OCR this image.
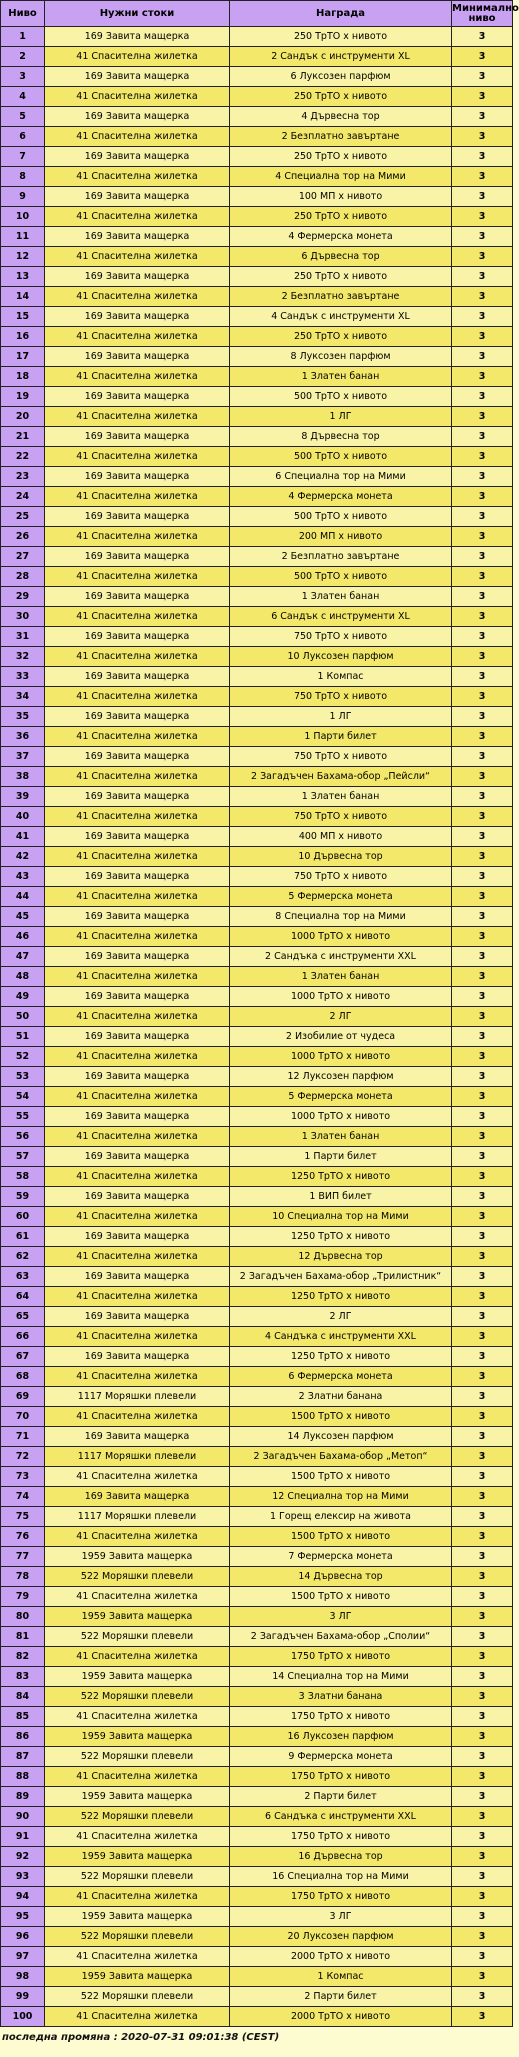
Ниво	Нужни стоки	Награда	Минимално ниво
1	169 Завита мащерка	250 ТрТО х нивото	3
2	41 Спасителна жилетка	2 Сандък с инструменти XL	3
3	169 Завита мащерка	6 Луксозен парфюм	3
4	41 Спасителна жилетка	250 ТрТО х нивото	3
5	169 Завита мащерка	4 Дървесна тор	3
6	41 Спасителна жилетка	2 Безплатно завъртане	3
7	169 Завита мащерка	250 ТрТО х нивото	3
8	41 Спасителна жилетка	4 Специална тор на Мими	3
9	169 Завита мащерка	100 МП х нивото	3
10	41 Спасителна жилетка	250 ТрТО х нивото	3
11	169 Завита мащерка	4 Фермерска монета	3
12	41 Спасителна жилетка	6 Дървесна тор	3
13	169 Завита мащерка	250 ТрТО х нивото	3
14	41 Спасителна жилетка	2 Безплатно завъртане	3
15	169 Завита мащерка	4 Сандък с инструменти XL	3
16	41 Спасителна жилетка	250 ТрТО х нивото	3
17	169 Завита мащерка	8 Луксозен парфюм	3
18	41 Спасителна жилетка	1 Златен банан	3
19	169 Завита мащерка	500 ТрТО х нивото	3
20	41 Спасителна жилетка	1 ЛГ	3
21	169 Завита мащерка	8 Дървесна тор	3
22	41 Спасителна жилетка	500 ТрТО х нивото	3
23	169 Завита мащерка	6 Специална тор на Мими	3
24	41 Спасителна жилетка	4 Фермерска монета	3
25	169 Завита мащерка	500 ТрТО х нивото	3
26	41 Спасителна жилетка	200 МП х нивото	3
27	169 Завита мащерка	2 Безплатно завъртане	3
28	41 Спасителна жилетка	500 ТрТО х нивото	3
29	169 Завита мащерка	1 Златен банан	3
30	41 Спасителна жилетка	6 Сандък с инструменти XL	3
31	169 Завита мащерка	750 ТрТО х нивото	3
32	41 Спасителна жилетка	10 Луксозен парфюм	3
33	169 Завита мащерка	1 Компас	3
34	41 Спасителна жилетка	750 ТрТО х нивото	3
35	169 Завита мащерка	1 ЛГ	3
36	41 Спасителна жилетка	1 Парти билет	3
37	169 Завита мащерка	750 ТрТО х нивото	3
38	41 Спасителна жилетка	2 Загадъчен Бахама-обор „Пейсли“	3
39	169 Завита мащерка	1 Златен банан	3
40	41 Спасителна жилетка	750 ТрТО х нивото	3
41	169 Завита мащерка	400 МП х нивото	3
42	41 Спасителна жилетка	10 Дървесна тор	3
43	169 Завита мащерка	750 ТрТО х нивото	3
44	41 Спасителна жилетка	5 Фермерска монета	3
45	169 Завита мащерка	8 Специална тор на Мими	3
46	41 Спасителна жилетка	1000 ТрТО х нивото	3
47	169 Завита мащерка	2 Сандъка с инструменти XXL	3
48	41 Спасителна жилетка	1 Златен банан	3
49	169 Завита мащерка	1000 ТрТО х нивото	3
50	41 Спасителна жилетка	2 ЛГ	3
51	169 Завита мащерка	2 Изобилие от чудеса	3
52	41 Спасителна жилетка	1000 ТрТО х нивото	3
53	169 Завита мащерка	12 Луксозен парфюм	3
54	41 Спасителна жилетка	5 Фермерска монета	3
55	169 Завита мащерка	1000 ТрТО х нивото	3
56	41 Спасителна жилетка	1 Златен банан	3
57	169 Завита мащерка	1 Парти билет	3
58	41 Спасителна жилетка	1250 ТрТО х нивото	3
59	169 Завита мащерка	1 ВИП билет	3
60	41 Спасителна жилетка	10 Специална тор на Мими	3
61	169 Завита мащерка	1250 ТрТО х нивото	3
62	41 Спасителна жилетка	12 Дървесна тор	3
63	169 Завита мащерка	2 Загадъчен Бахама-обор „Трилистник“	3
64	41 Спасителна жилетка	1250 ТрТО х нивото	3
65	169 Завита мащерка	2 ЛГ	3
66	41 Спасителна жилетка	4 Сандъка с инструменти XXL	3
67	169 Завита мащерка	1250 ТрТО х нивото	3
68	41 Спасителна жилетка	6 Фермерска монета	3
69	1117 Моряшки плевели	2 Златни банана	3
70	41 Спасителна жилетка	1500 ТрТО х нивото	3
71	169 Завита мащерка	14 Луксозен парфюм	3
72	1117 Моряшки плевели	2 Загадъчен Бахама-обор „Метоп“	3
73	41 Спасителна жилетка	1500 ТрТО х нивото	3
74	169 Завита мащерка	12 Специална тор на Мими	3
75	1117 Моряшки плевели	1 Горещ елексир на живота	3
76	41 Спасителна жилетка	1500 ТрТО х нивото	3
77	1959 Завита мащерка	7 Фермерска монета	3
78	522 Моряшки плевели	14 Дървесна тор	3
79	41 Спасителна жилетка	1500 ТрТО х нивото	3
80	1959 Завита мащерка	3 ЛГ	3
81	522 Моряшки плевели	2 Загадъчен Бахама-обор „Сполии“	3
82	41 Спасителна жилетка	1750 ТрТО х нивото	3
83	1959 Завита мащерка	14 Специална тор на Мими	3
84	522 Моряшки плевели	3 Златни банана	3
85	41 Спасителна жилетка	1750 ТрТО х нивото	3
86	1959 Завита мащерка	16 Луксозен парфюм	3
87	522 Моряшки плевели	9 Фермерска монета	3
88	41 Спасителна жилетка	1750 ТрТО х нивото	3
89	1959 Завита мащерка	2 Парти билет	3
90	522 Моряшки плевели	6 Сандъка с инструменти XXL	3
91	41 Спасителна жилетка	1750 ТрТО х нивото	3
92	1959 Завита мащерка	16 Дървесна тор	3
93	522 Моряшки плевели	16 Специална тор на Мими	3
94	41 Спасителна жилетка	1750 ТрТО х нивото	3
95	1959 Завита мащерка	3 ЛГ	3
96	522 Моряшки плевели	20 Луксозен парфюм	3
97	41 Спасителна жилетка	2000 ТрТО х нивото	3
98	1959 Завита мащерка	1 Компас	3
99	522 Моряшки плевели	2 Парти билет	3
100	41 Спасителна жилетка	2000 ТрТО х нивото	3
последна промяна : 2020-07-31 09:01:38 (CEST)
